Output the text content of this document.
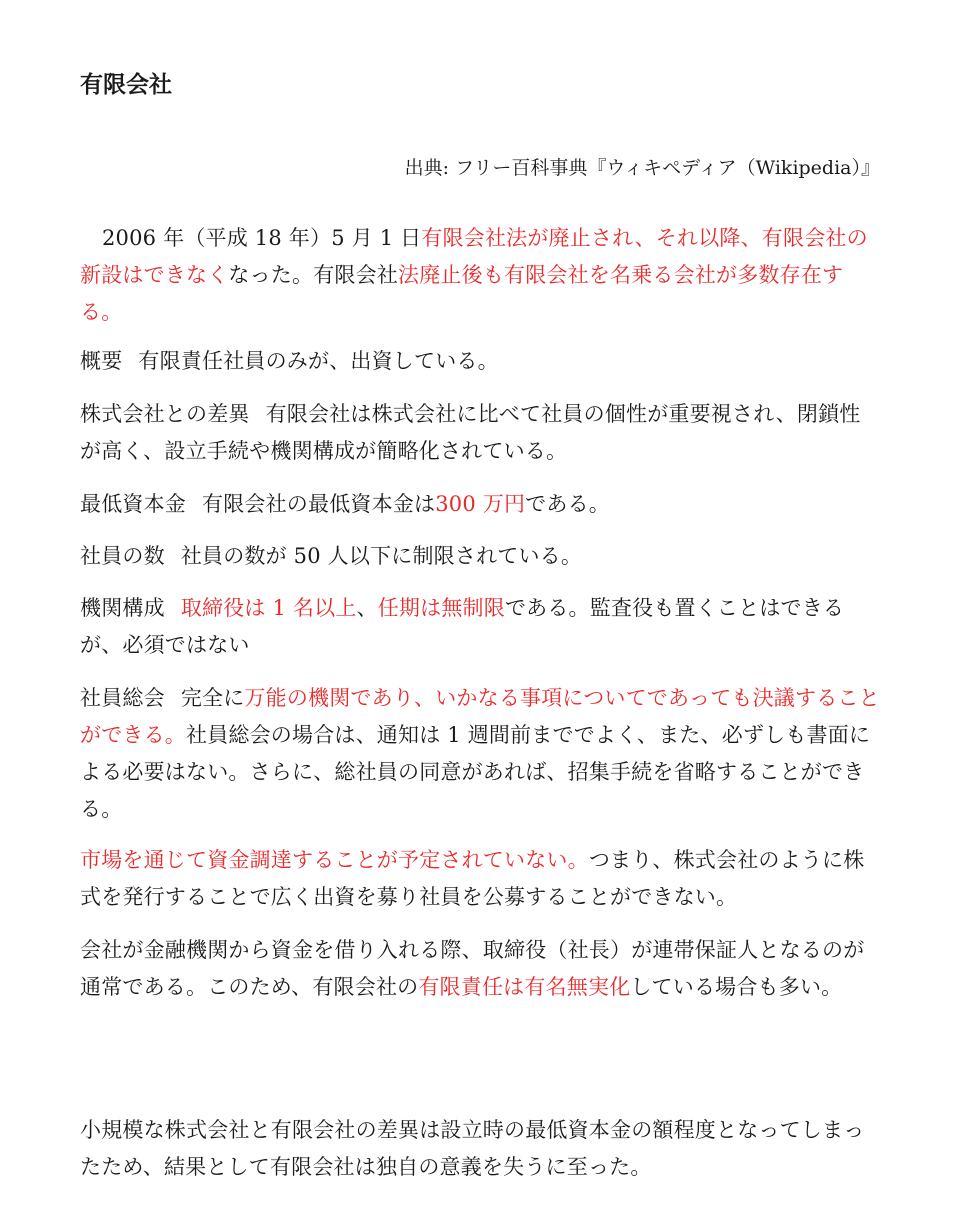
有限会社
出典: フリー百科事典『ウィキペディア（Wikipedia）』

2006 年（平成 18 年）5 月 1 日有限会社法が廃止され、それ以降、有限会社の新設はできなくなった。有限会社法廃止後も有限会社を名乗る会社が多数存在する。

概要 有限責任社員のみが、出資している。

株式会社との差異 有限会社は株式会社に比べて社員の個性が重要視され、閉鎖性が高く、設立手続や機関構成が簡略化されている。

最低資本金 有限会社の最低資本金は300 万円である。

社員の数 社員の数が 50 人以下に制限されている。

機関構成 取締役は 1 名以上、任期は無制限である。監査役も置くことはできるが、必須ではない

社員総会 完全に万能の機関であり、いかなる事項についてであっても決議することができる。社員総会の場合は、通知は 1 週間前まででよく、また、必ずしも書面による必要はない。さらに、総社員の同意があれば、招集手続を省略することができる。

市場を通じて資金調達することが予定されていない。つまり、株式会社のように株式を発行することで広く出資を募り社員を公募することができない。

会社が金融機関から資金を借り入れる際、取締役（社長）が連帯保証人となるのが通常である。このため、有限会社の有限責任は有名無実化している場合も多い。

小規模な株式会社と有限会社の差異は設立時の最低資本金の額程度となってしまったため、結果として有限会社は独自の意義を失うに至った。
